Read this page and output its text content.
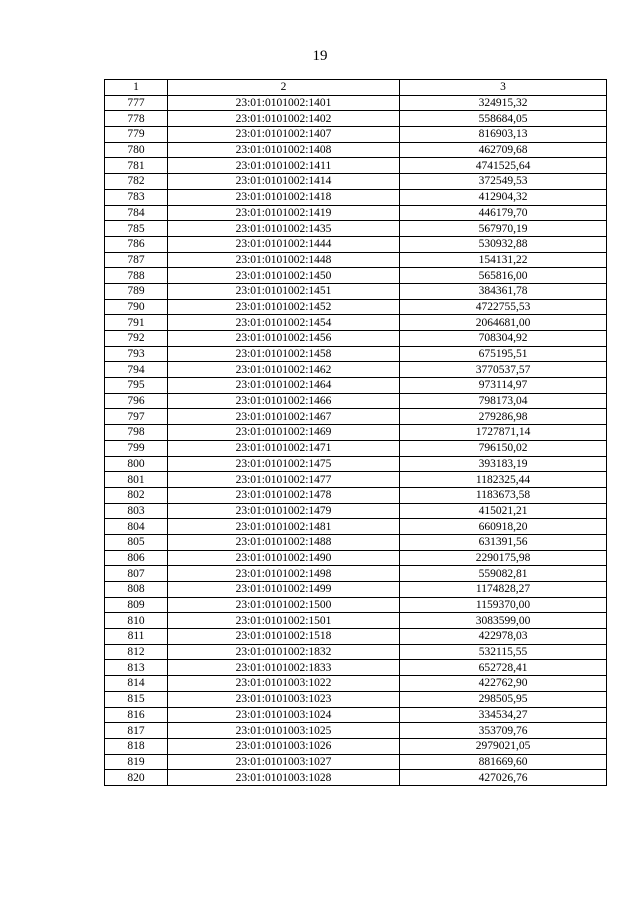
19
1	2	3
777	23:01:0101002:1401	324915,32
778	23:01:0101002:1402	558684,05
779	23:01:0101002:1407	816903,13
780	23:01:0101002:1408	462709,68
781	23:01:0101002:1411	4741525,64
782	23:01:0101002:1414	372549,53
783	23:01:0101002:1418	412904,32
784	23:01:0101002:1419	446179,70
785	23:01:0101002:1435	567970,19
786	23:01:0101002:1444	530932,88
787	23:01:0101002:1448	154131,22
788	23:01:0101002:1450	565816,00
789	23:01:0101002:1451	384361,78
790	23:01:0101002:1452	4722755,53
791	23:01:0101002:1454	2064681,00
792	23:01:0101002:1456	708304,92
793	23:01:0101002:1458	675195,51
794	23:01:0101002:1462	3770537,57
795	23:01:0101002:1464	973114,97
796	23:01:0101002:1466	798173,04
797	23:01:0101002:1467	279286,98
798	23:01:0101002:1469	1727871,14
799	23:01:0101002:1471	796150,02
800	23:01:0101002:1475	393183,19
801	23:01:0101002:1477	1182325,44
802	23:01:0101002:1478	1183673,58
803	23:01:0101002:1479	415021,21
804	23:01:0101002:1481	660918,20
805	23:01:0101002:1488	631391,56
806	23:01:0101002:1490	2290175,98
807	23:01:0101002:1498	559082,81
808	23:01:0101002:1499	1174828,27
809	23:01:0101002:1500	1159370,00
810	23:01:0101002:1501	3083599,00
811	23:01:0101002:1518	422978,03
812	23:01:0101002:1832	532115,55
813	23:01:0101002:1833	652728,41
814	23:01:0101003:1022	422762,90
815	23:01:0101003:1023	298505,95
816	23:01:0101003:1024	334534,27
817	23:01:0101003:1025	353709,76
818	23:01:0101003:1026	2979021,05
819	23:01:0101003:1027	881669,60
820	23:01:0101003:1028	427026,76
